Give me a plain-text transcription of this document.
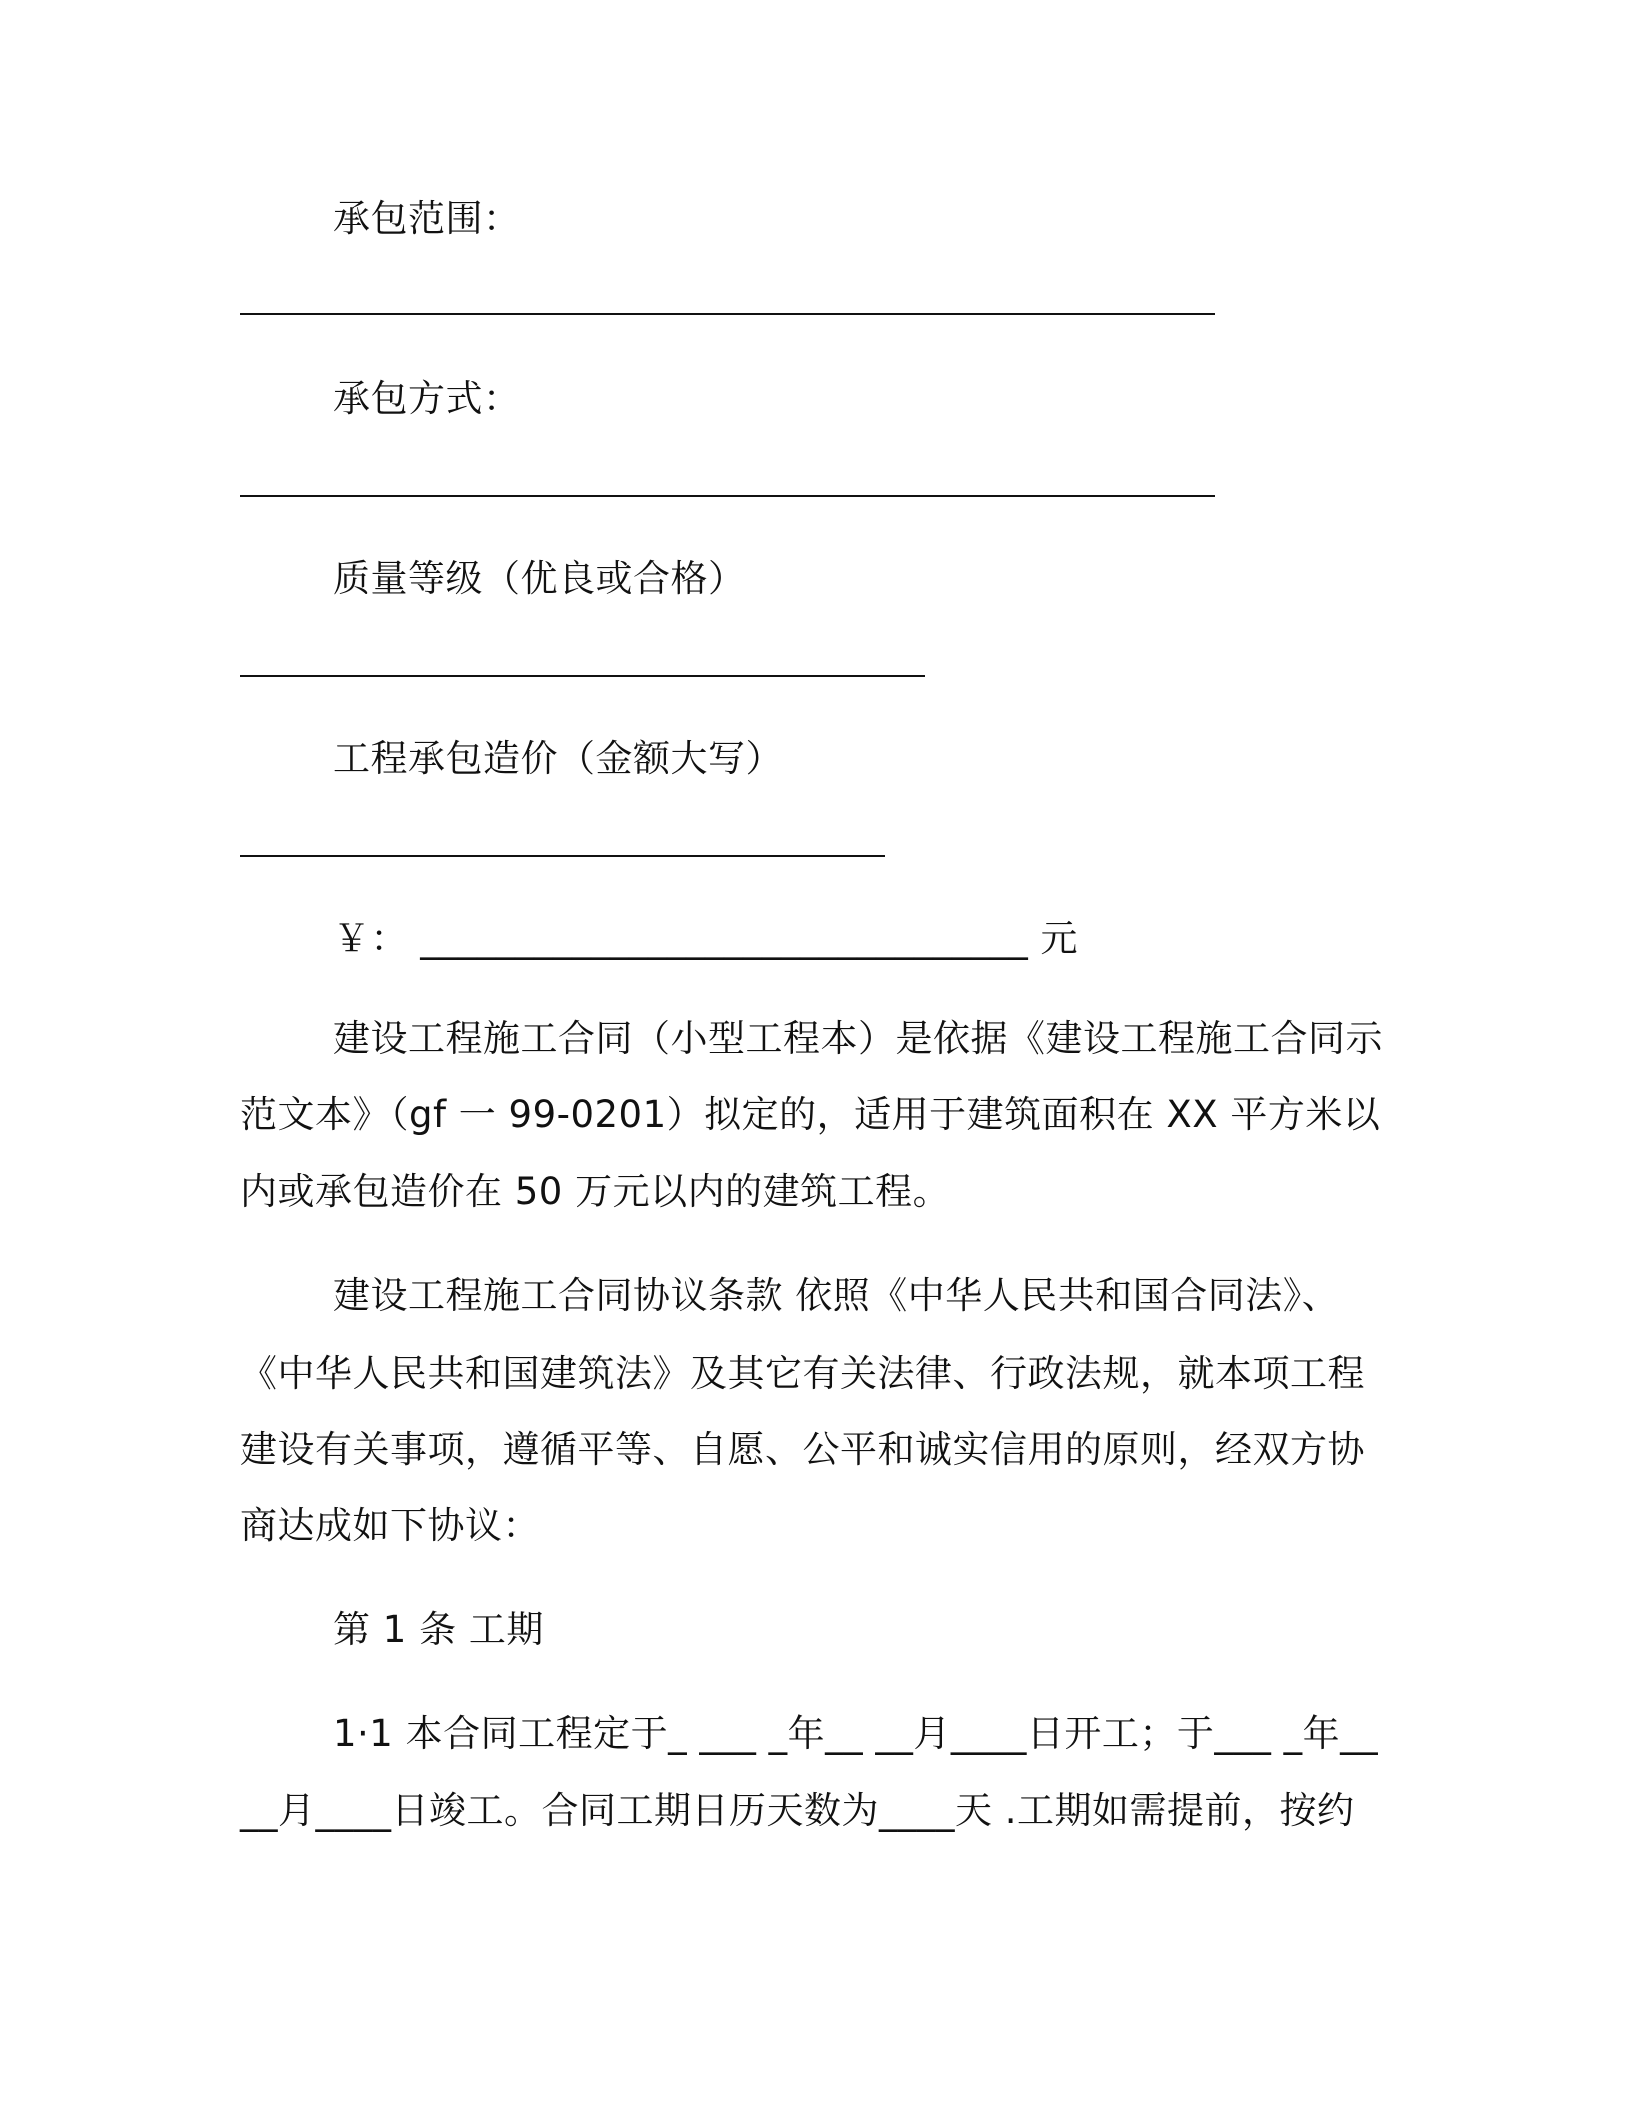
承包范围：
承包方式：
质量等级（优良或合格）
工程承包造价（金额大写）
￥： ________________________________ 元
建设工程施工合同（小型工程本）是依据《建设工程施工合同示
范文本》（gf 一 99-0201）拟定的，适用于建筑面积在 XX 平方米以
内或承包造价在 50 万元以内的建筑工程。
建设工程施工合同协议条款 依照《中华人民共和国合同法》、
《中华人民共和国建筑法》及其它有关法律、行政法规，就本项工程
建设有关事项，遵循平等、自愿、公平和诚实信用的原则，经双方协
商达成如下协议：
第 1 条 工期
1·1 本合同工程定于_ ___ _年__ __月____日开工；于___ _年__
__月____日竣工。合同工期日历天数为____天 .工期如需提前，按约
